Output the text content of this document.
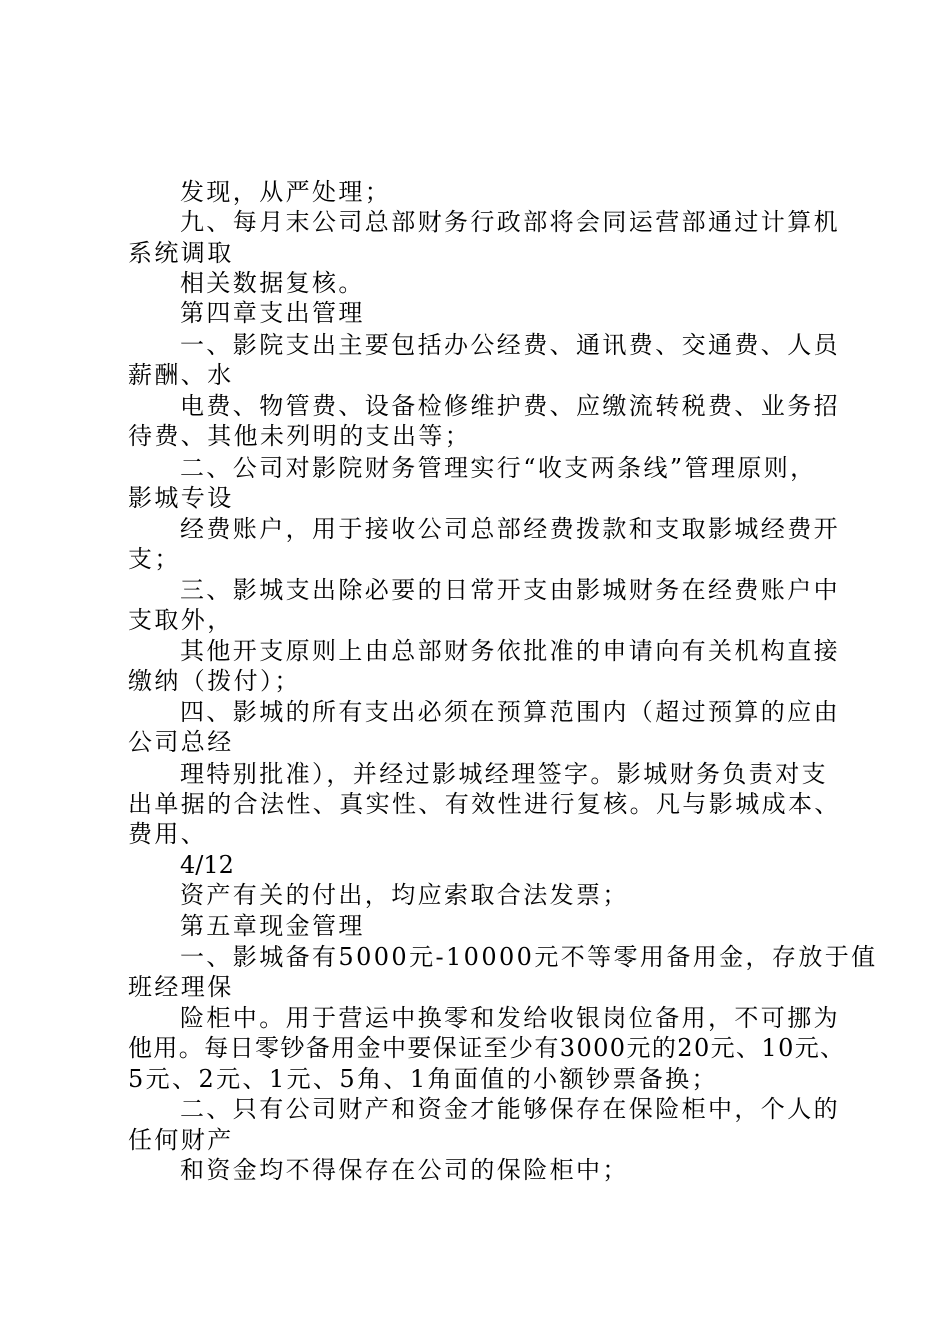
发现，从严处理；
九、每月末公司总部财务行政部将会同运营部通过计算机
系统调取
相关数据复核。
第四章支出管理
一、影院支出主要包括办公经费、通讯费、交通费、人员
薪酬、水
电费、物管费、设备检修维护费、应缴流转税费、业务招
待费、其他未列明的支出等；
二、公司对影院财务管理实行“收支两条线”管理原则，
影城专设
经费账户，用于接收公司总部经费拨款和支取影城经费开
支；
三、影城支出除必要的日常开支由影城财务在经费账户中
支取外，
其他开支原则上由总部财务依批准的申请向有关机构直接
缴纳（拨付）；
四、影城的所有支出必须在预算范围内（超过预算的应由
公司总经
理特别批准），并经过影城经理签字。影城财务负责对支
出单据的合法性、真实性、有效性进行复核。凡与影城成本、
费用、
4/12
资产有关的付出，均应索取合法发票；
第五章现金管理
一、影城备有5000元-10000元不等零用备用金，存放于值
班经理保
险柜中。用于营运中换零和发给收银岗位备用，不可挪为
他用。每日零钞备用金中要保证至少有3000元的20元、10元、
5元、2元、1元、5角、1角面值的小额钞票备换；
二、只有公司财产和资金才能够保存在保险柜中，个人的
任何财产
和资金均不得保存在公司的保险柜中；
